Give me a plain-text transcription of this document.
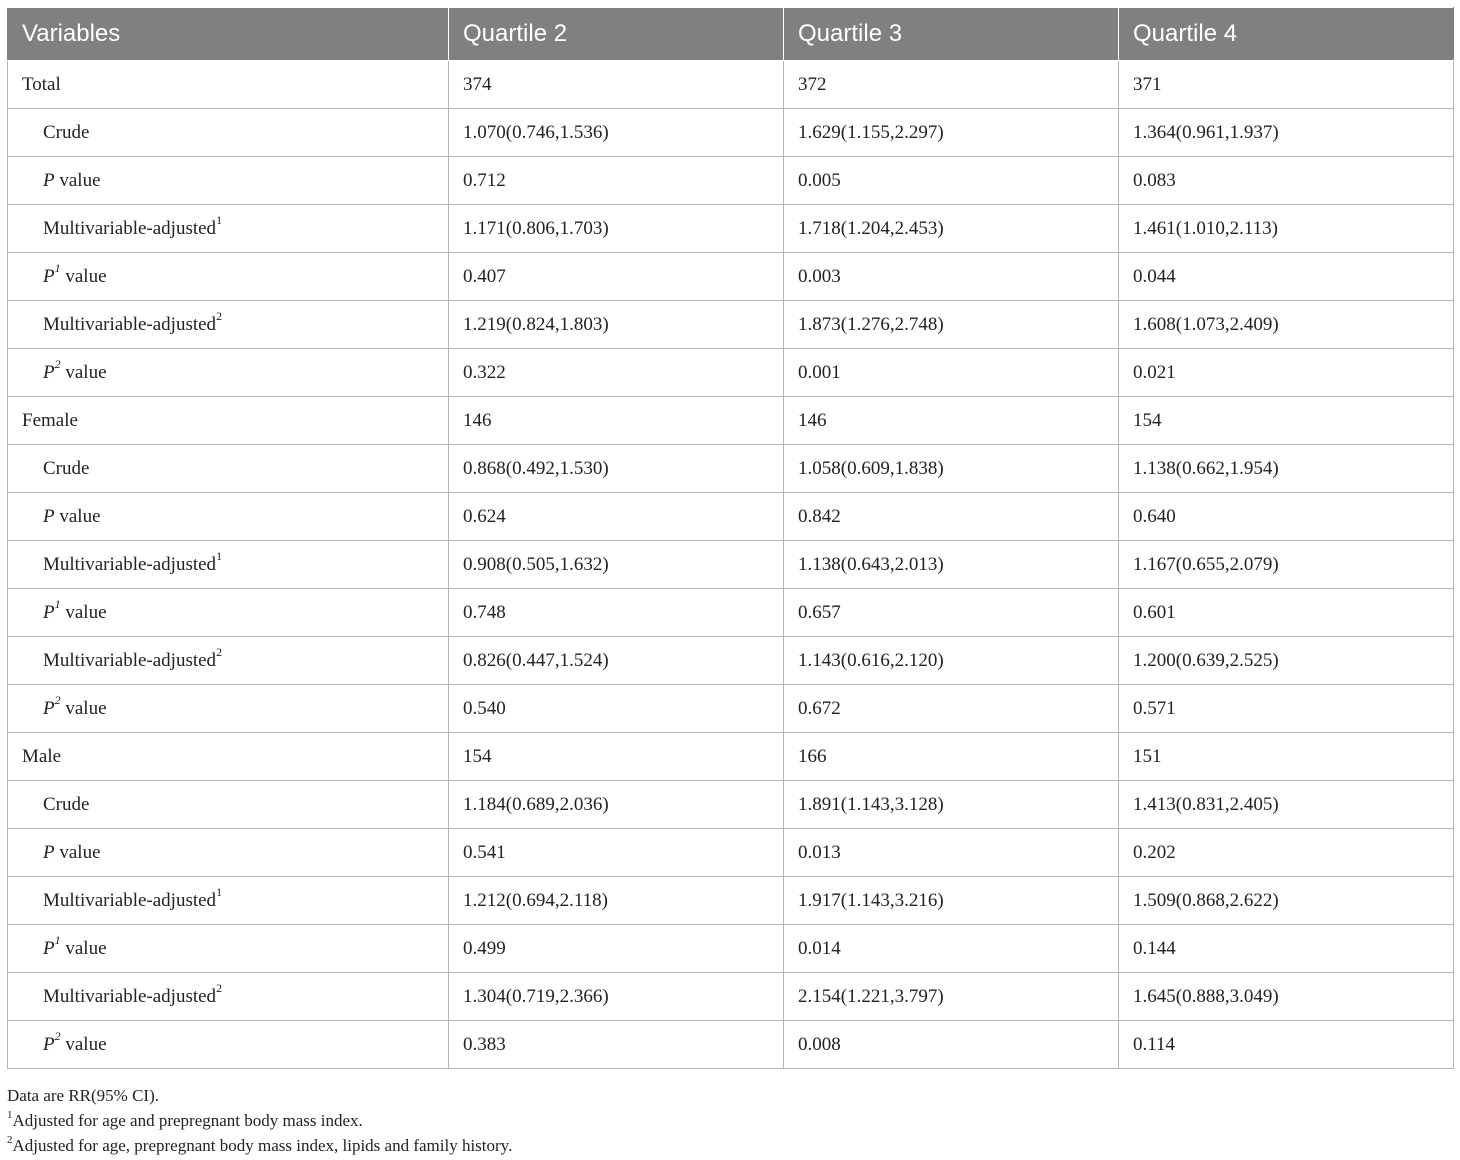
Variables	Quartile 2	Quartile 3	Quartile 4
Total	374	372	371
Crude	1.070(0.746,1.536)	1.629(1.155,2.297)	1.364(0.961,1.937)
P value	0.712	0.005	0.083
Multivariable-adjusted$^1$	1.171(0.806,1.703)	1.718(1.204,2.453)	1.461(1.010,2.113)
$P^1$ value	0.407	0.003	0.044
Multivariable-adjusted$^2$	1.219(0.824,1.803)	1.873(1.276,2.748)	1.608(1.073,2.409)
$P^2$ value	0.322	0.001	0.021
Female	146	146	154
Crude	0.868(0.492,1.530)	1.058(0.609,1.838)	1.138(0.662,1.954)
P value	0.624	0.842	0.640
Multivariable-adjusted$^1$	0.908(0.505,1.632)	1.138(0.643,2.013)	1.167(0.655,2.079)
$P^1$ value	0.748	0.657	0.601
Multivariable-adjusted$^2$	0.826(0.447,1.524)	1.143(0.616,2.120)	1.200(0.639,2.525)
$P^2$ value	0.540	0.672	0.571
Male	154	166	151
Crude	1.184(0.689,2.036)	1.891(1.143,3.128)	1.413(0.831,2.405)
P value	0.541	0.013	0.202
Multivariable-adjusted$^1$	1.212(0.694,2.118)	1.917(1.143,3.216)	1.509(0.868,2.622)
$P^1$ value	0.499	0.014	0.144
Multivariable-adjusted$^2$	1.304(0.719,2.366)	2.154(1.221,3.797)	1.645(0.888,3.049)
$P^2$ value	0.383	0.008	0.114
Data are RR(95% CI).
$^1$Adjusted for age and prepregnant body mass index.
$^2$Adjusted for age, prepregnant body mass index, lipids and family history.
